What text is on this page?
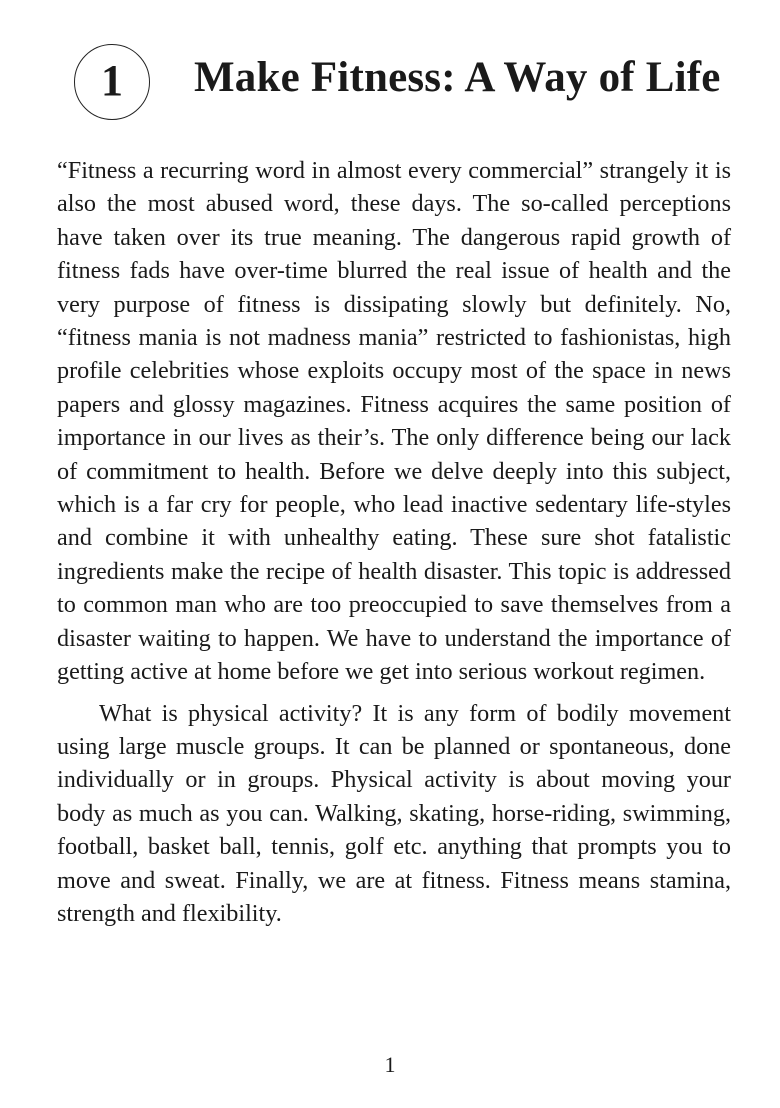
1 Make Fitness: A Way of Life

“Fitness a recurring word in almost every commercial” strangely it is also the most abused word, these days. The so-called perceptions have taken over its true meaning. The dangerous rapid growth of fitness fads have over-time blurred the real issue of health and the very purpose of fitness is dissipating slowly but definitely. No, “fitness mania is not madness mania” restricted to fashionistas, high profile celebrities whose exploits occupy most of the space in news papers and glossy magazines. Fitness acquires the same position of importance in our lives as their’s. The only difference being our lack of commitment to health. Before we delve deeply into this subject, which is a far cry for people, who lead inactive sedentary life-styles and combine it with unhealthy eating. These sure shot fatalistic ingredients make the recipe of health disaster. This topic is addressed to common man who are too preoccupied to save themselves from a disaster waiting to happen. We have to understand the importance of getting active at home before we get into serious workout regimen.

What is physical activity? It is any form of bodily movement using large muscle groups. It can be planned or spontaneous, done individually or in groups. Physical activity is about moving your body as much as you can. Walking, skating, horse-riding, swimming, football, basket ball, tennis, golf etc. anything that prompts you to move and sweat. Finally, we are at fitness. Fitness means stamina, strength and flexibility.

1
